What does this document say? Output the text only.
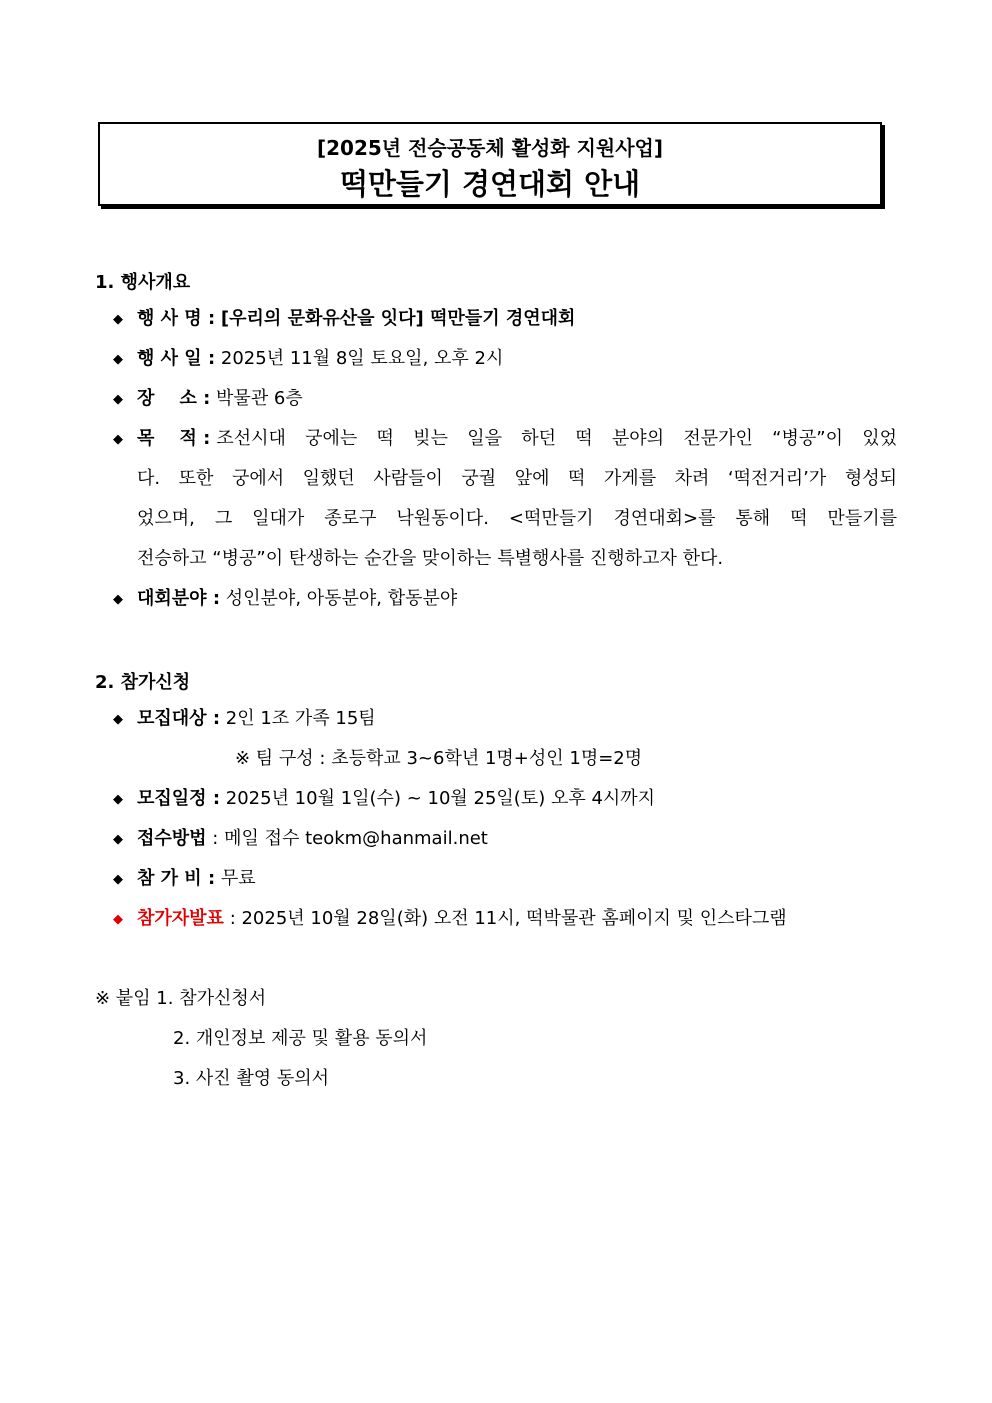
[2025년 전승공동체 활성화 지원사업]
떡만들기 경연대회 안내
1. 행사개요
◆ 행 사 명 : [우리의 문화유산을 잇다] 떡만들기 경연대회
◆ 행 사 일 : 2025년 11월 8일 토요일, 오후 2시
◆ 장    소 : 박물관 6층
◆ 목    적 : 조선시대 궁에는 떡 빚는 일을 하던 떡 분야의 전문가인 “병공”이 있었
다. 또한 궁에서 일했던 사람들이 궁궐 앞에 떡 가게를 차려 ‘떡전거리’가 형성되
었으며, 그 일대가 종로구 낙원동이다. <떡만들기 경연대회>를 통해 떡 만들기를
전승하고 “병공”이 탄생하는 순간을 맞이하는 특별행사를 진행하고자 한다.
◆ 대회분야 : 성인분야, 아동분야, 합동분야
2. 참가신청
◆ 모집대상 : 2인 1조 가족 15팀
※ 팀 구성 : 초등학교 3~6학년 1명+성인 1명=2명
◆ 모집일정 : 2025년 10월 1일(수) ~ 10월 25일(토) 오후 4시까지
◆ 접수방법 : 메일 접수 teokm@hanmail.net
◆ 참 가 비 : 무료
◆ 참가자발표 : 2025년 10월 28일(화) 오전 11시, 떡박물관 홈페이지 및 인스타그램
※ 붙임 1. 참가신청서
2. 개인정보 제공 및 활용 동의서
3. 사진 촬영 동의서
